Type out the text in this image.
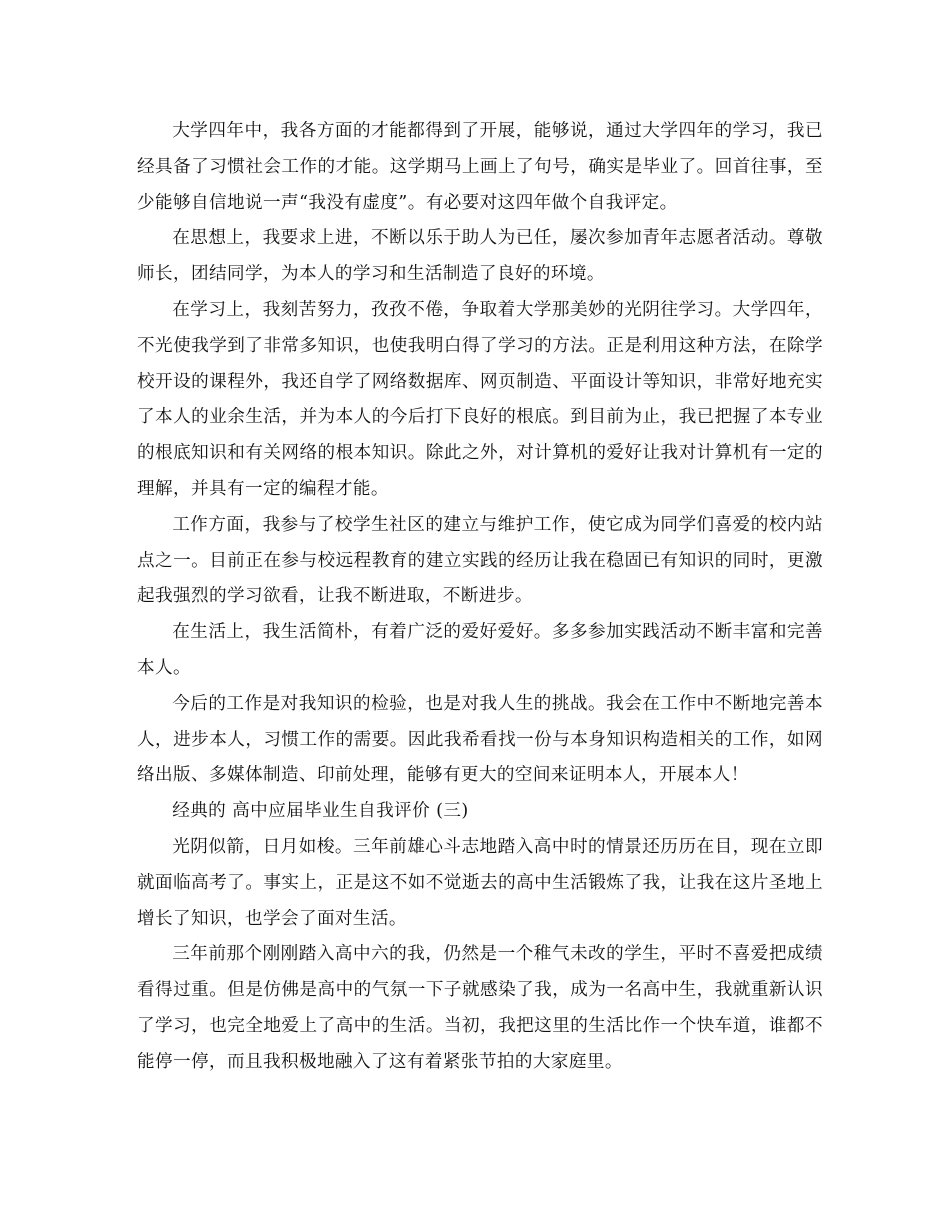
大学四年中，我各方面的才能都得到了开展，能够说，通过大学四年的学习，我已经具备了习惯社会工作的才能。这学期马上画上了句号，确实是毕业了。回首往事，至少能够自信地说一声“我没有虚度”。有必要对这四年做个自我评定。

在思想上，我要求上进，不断以乐于助人为已任，屡次参加青年志愿者活动。尊敬师长，团结同学，为本人的学习和生活制造了良好的环境。

在学习上，我刻苦努力，孜孜不倦，争取着大学那美妙的光阴往学习。大学四年，不光使我学到了非常多知识，也使我明白得了学习的方法。正是利用这种方法，在除学校开设的课程外，我还自学了网络数据库、网页制造、平面设计等知识，非常好地充实了本人的业余生活，并为本人的今后打下良好的根底。到目前为止，我已把握了本专业的根底知识和有关网络的根本知识。除此之外，对计算机的爱好让我对计算机有一定的理解，并具有一定的编程才能。

工作方面，我参与了校学生社区的建立与维护工作，使它成为同学们喜爱的校内站点之一。目前正在参与校远程教育的建立实践的经历让我在稳固已有知识的同时，更激起我强烈的学习欲看，让我不断进取，不断进步。

在生活上，我生活简朴，有着广泛的爱好爱好。多多参加实践活动不断丰富和完善本人。

今后的工作是对我知识的检验，也是对我人生的挑战。我会在工作中不断地完善本人，进步本人，习惯工作的需要。因此我希看找一份与本身知识构造相关的工作，如网络出版、多媒体制造、印前处理，能够有更大的空间来证明本人，开展本人！

经典的 高中应届毕业生自我评价 (三)

光阴似箭，日月如梭。三年前雄心斗志地踏入高中时的情景还历历在目，现在立即就面临高考了。事实上，正是这不如不觉逝去的高中生活锻炼了我，让我在这片圣地上增长了知识，也学会了面对生活。

三年前那个刚刚踏入高中六的我，仍然是一个稚气未改的学生，平时不喜爱把成绩看得过重。但是仿佛是高中的气氛一下子就感染了我，成为一名高中生，我就重新认识了学习，也完全地爱上了高中的生活。当初，我把这里的生活比作一个快车道，谁都不能停一停，而且我积极地融入了这有着紧张节拍的大家庭里。
